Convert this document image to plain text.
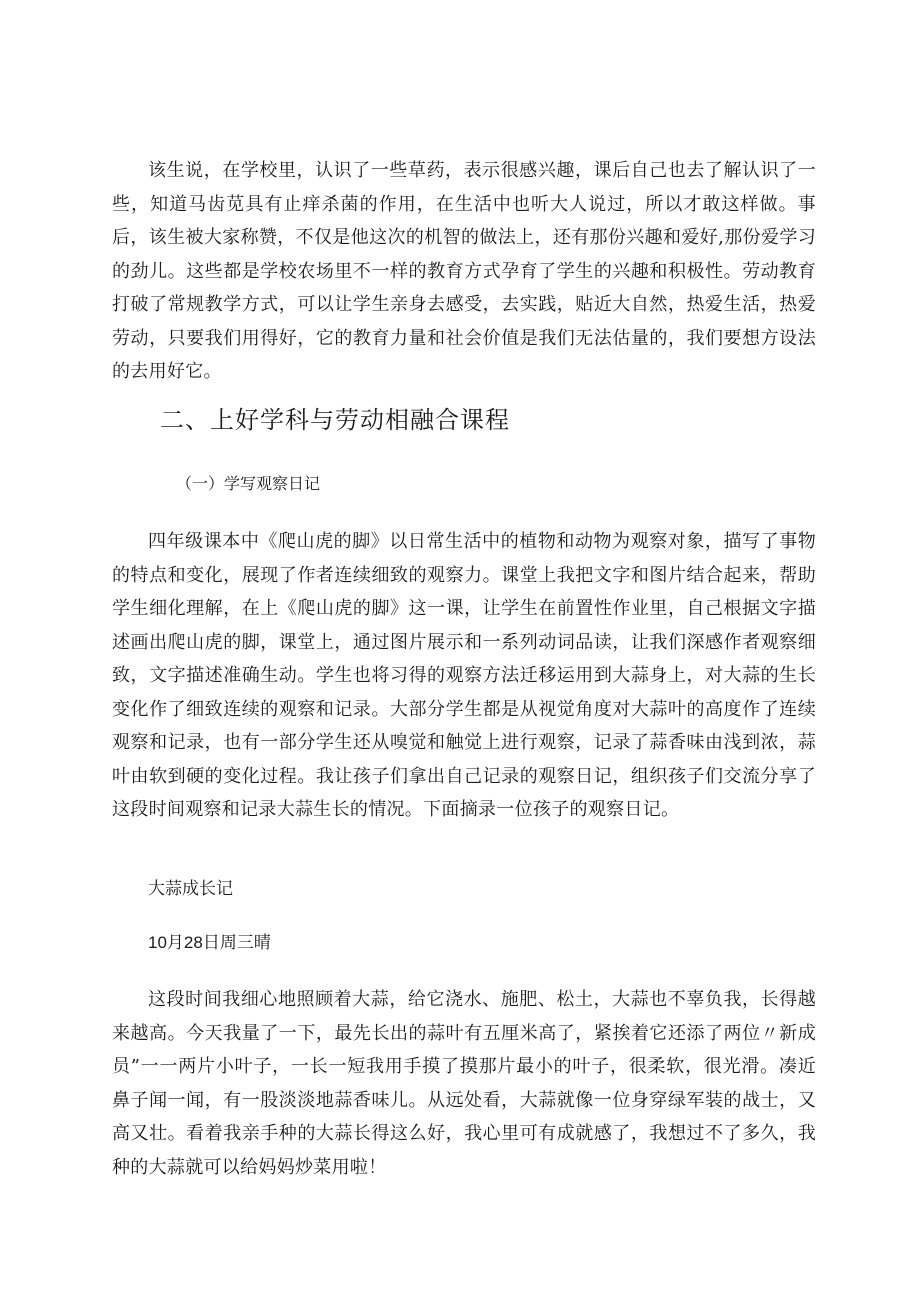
该生说，在学校里，认识了一些草药，表示很感兴趣，课后自己也去了解认识了一些，知道马齿苋具有止痒杀菌的作用，在生活中也听大人说过，所以才敢这样做。事后，该生被大家称赞，不仅是他这次的机智的做法上，还有那份兴趣和爱好,那份爱学习的劲儿。这些都是学校农场里不一样的教育方式孕育了学生的兴趣和积极性。劳动教育打破了常规教学方式，可以让学生亲身去感受，去实践，贴近大自然，热爱生活，热爱劳动，只要我们用得好，它的教育力量和社会价值是我们无法估量的，我们要想方设法的去用好它。

二、上好学科与劳动相融合课程

（一）学写观察日记

四年级课本中《爬山虎的脚》以日常生活中的植物和动物为观察对象，描写了事物的特点和变化，展现了作者连续细致的观察力。课堂上我把文字和图片结合起来，帮助学生细化理解，在上《爬山虎的脚》这一课，让学生在前置性作业里，自己根据文字描述画出爬山虎的脚，课堂上，通过图片展示和一系列动词品读，让我们深感作者观察细致，文字描述准确生动。学生也将习得的观察方法迁移运用到大蒜身上，对大蒜的生长变化作了细致连续的观察和记录。大部分学生都是从视觉角度对大蒜叶的高度作了连续观察和记录，也有一部分学生还从嗅觉和触觉上进行观察，记录了蒜香味由浅到浓，蒜叶由软到硬的变化过程。我让孩子们拿出自己记录的观察日记，组织孩子们交流分享了这段时间观察和记录大蒜生长的情况。下面摘录一位孩子的观察日记。

大蒜成长记

10月28日周三晴

这段时间我细心地照顾着大蒜，给它浇水、施肥、松土，大蒜也不辜负我，长得越来越高。今天我量了一下，最先长出的蒜叶有五厘米高了，紧挨着它还添了两位〃新成员”一一两片小叶子，一长一短我用手摸了摸那片最小的叶子，很柔软，很光滑。凑近鼻子闻一闻，有一股淡淡地蒜香味儿。从远处看，大蒜就像一位身穿绿军装的战士，又高又壮。看着我亲手种的大蒜长得这么好，我心里可有成就感了，我想过不了多久，我种的大蒜就可以给妈妈炒菜用啦！
